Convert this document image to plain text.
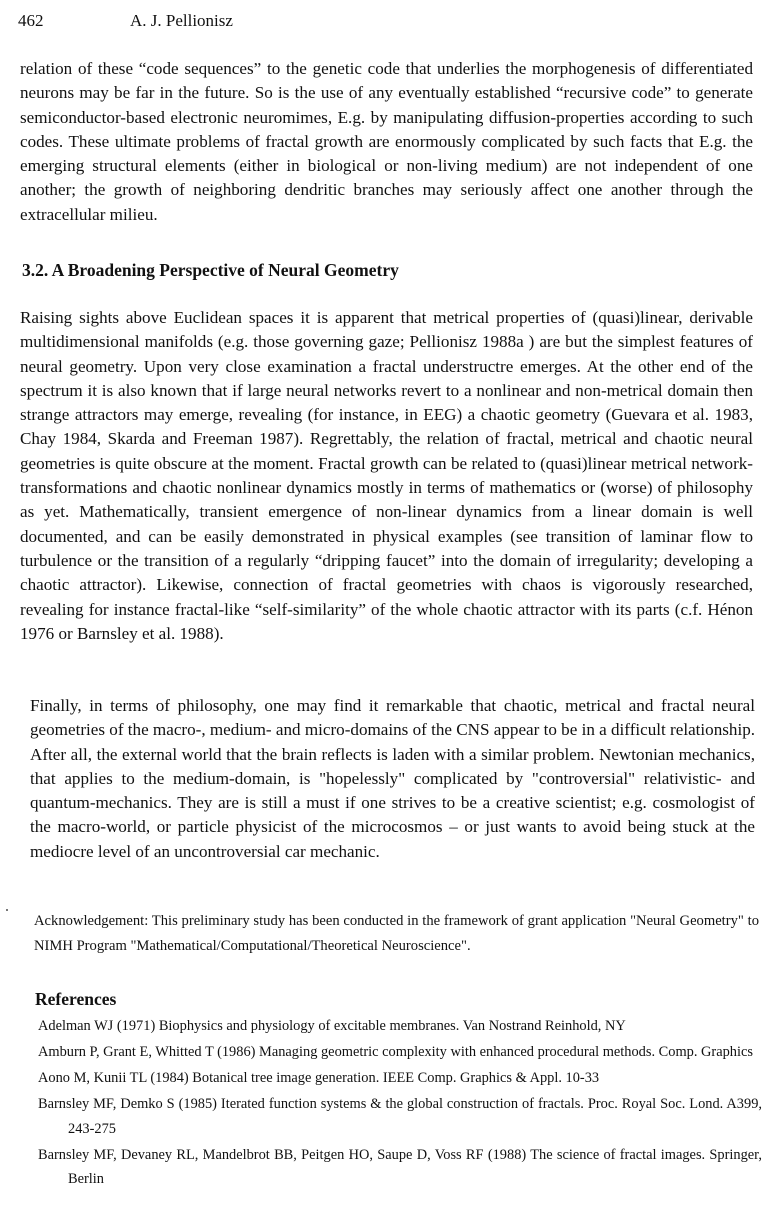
462	A. J. Pellionisz

relation of these “code sequences” to the genetic code that underlies the morphogenesis of differentiated neurons may be far in the future. So is the use of any eventually established “recursive code” to generate semiconductor-based electronic neuromimes, E.g. by manipulating diffusion-properties according to such codes. These ultimate problems of fractal growth are enormously complicated by such facts that E.g. the emerging structural elements (either in biological or non-living medium) are not independent of one another; the growth of neighboring dendritic branches may seriously affect one another through the extracellular milieu.

3.2. A Broadening Perspective of Neural Geometry

Raising sights above Euclidean spaces it is apparent that metrical properties of (quasi)linear, derivable multidimensional manifolds (e.g. those governing gaze; Pellionisz 1988a ) are but the simplest features of neural geometry. Upon very close examination a fractal understructre emerges. At the other end of the spectrum it is also known that if large neural networks revert to a nonlinear and non-metrical domain then strange attractors may emerge, revealing (for instance, in EEG) a chaotic geometry (Guevara et al. 1983, Chay 1984, Skarda and Freeman 1987). Regrettably, the relation of fractal, metrical and chaotic neural geometries is quite obscure at the moment. Fractal growth can be related to (quasi)linear metrical network-transformations and chaotic nonlinear dynamics mostly in terms of mathematics or (worse) of philosophy as yet. Mathematically, transient emergence of non-linear dynamics from a linear domain is well documented, and can be easily demonstrated in physical examples (see transition of laminar flow to turbulence or the transition of a regularly “dripping faucet” into the domain of irregularity; developing a chaotic attractor). Likewise, connection of fractal geometries with chaos is vigorously researched, revealing for instance fractal-like “self-similarity” of the whole chaotic attractor with its parts (c.f. Hénon 1976 or Barnsley et al. 1988).

Finally, in terms of philosophy, one may find it remarkable that chaotic, metrical and fractal neural geometries of the macro-, medium- and micro-domains of the CNS appear to be in a difficult relationship. After all, the external world that the brain reflects is laden with a similar problem. Newtonian mechanics, that applies to the medium-domain, is "hopelessly" complicated by "controversial" relativistic- and quantum-mechanics. They are is still a must if one strives to be a creative scientist; e.g. cosmologist of the macro-world, or particle physicist of the microcosmos – or just wants to avoid being stuck at the mediocre level of an uncontroversial car mechanic.

Acknowledgement: This preliminary study has been conducted in the framework of grant application "Neural Geometry" to NIMH Program "Mathematical/Computational/Theoretical Neuroscience".

References
Adelman WJ (1971) Biophysics and physiology of excitable membranes. Van Nostrand Reinhold, NY
Amburn P, Grant E, Whitted T (1986) Managing geometric complexity with enhanced procedural methods. Comp. Graphics
Aono M, Kunii TL (1984) Botanical tree image generation. IEEE Comp. Graphics & Appl. 10-33
Barnsley MF, Demko S (1985) Iterated function systems & the global construction of fractals. Proc. Royal Soc. Lond. A399, 243-275
Barnsley MF, Devaney RL, Mandelbrot BB, Peitgen HO, Saupe D, Voss RF (1988) The science of fractal images. Springer, Berlin
